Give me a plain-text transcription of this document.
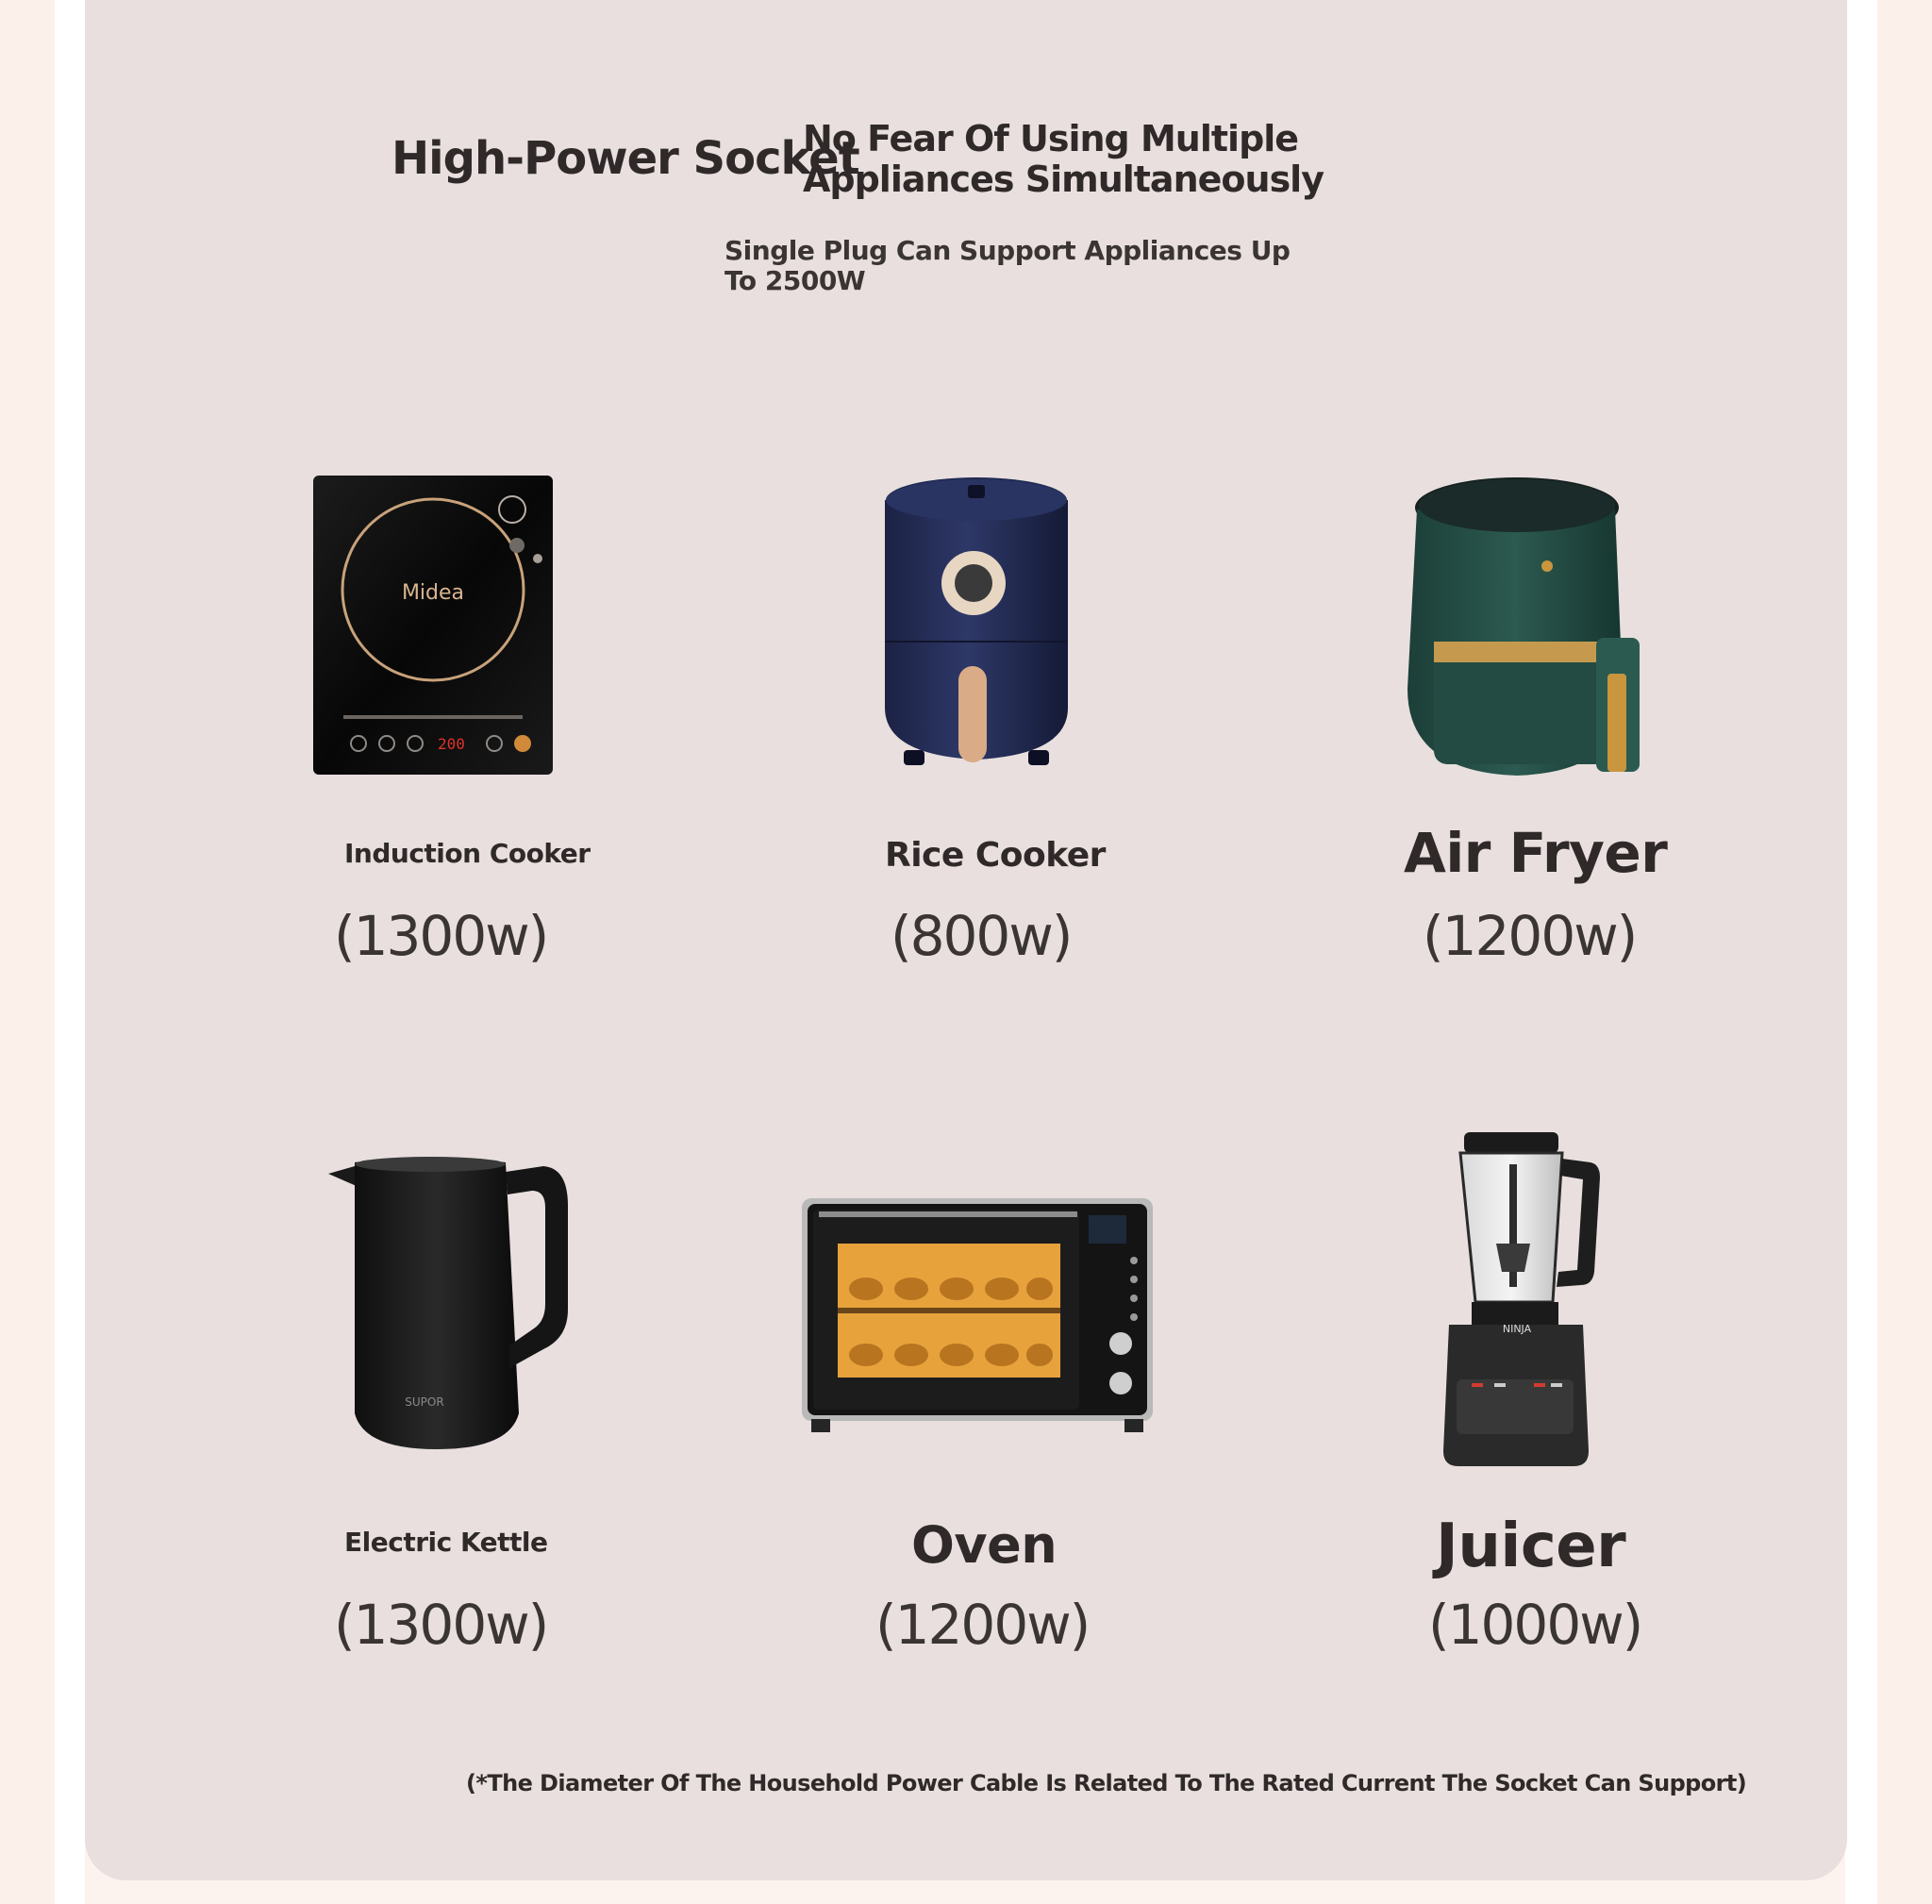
High-Power Socket
No Fear Of Using Multiple Appliances Simultaneously
Single Plug Can Support Appliances Up To 2500W
Midea
200
Induction Cooker
(1300w)
Rice Cooker
(800w)
Air Fryer
(1200w)
SUPOR
Electric Kettle
(1300w)
Oven
(1200w)
NINJA
Juicer
(1000w)
(*The Diameter Of The Household Power Cable Is Related To The Rated Current The Socket Can Support)
